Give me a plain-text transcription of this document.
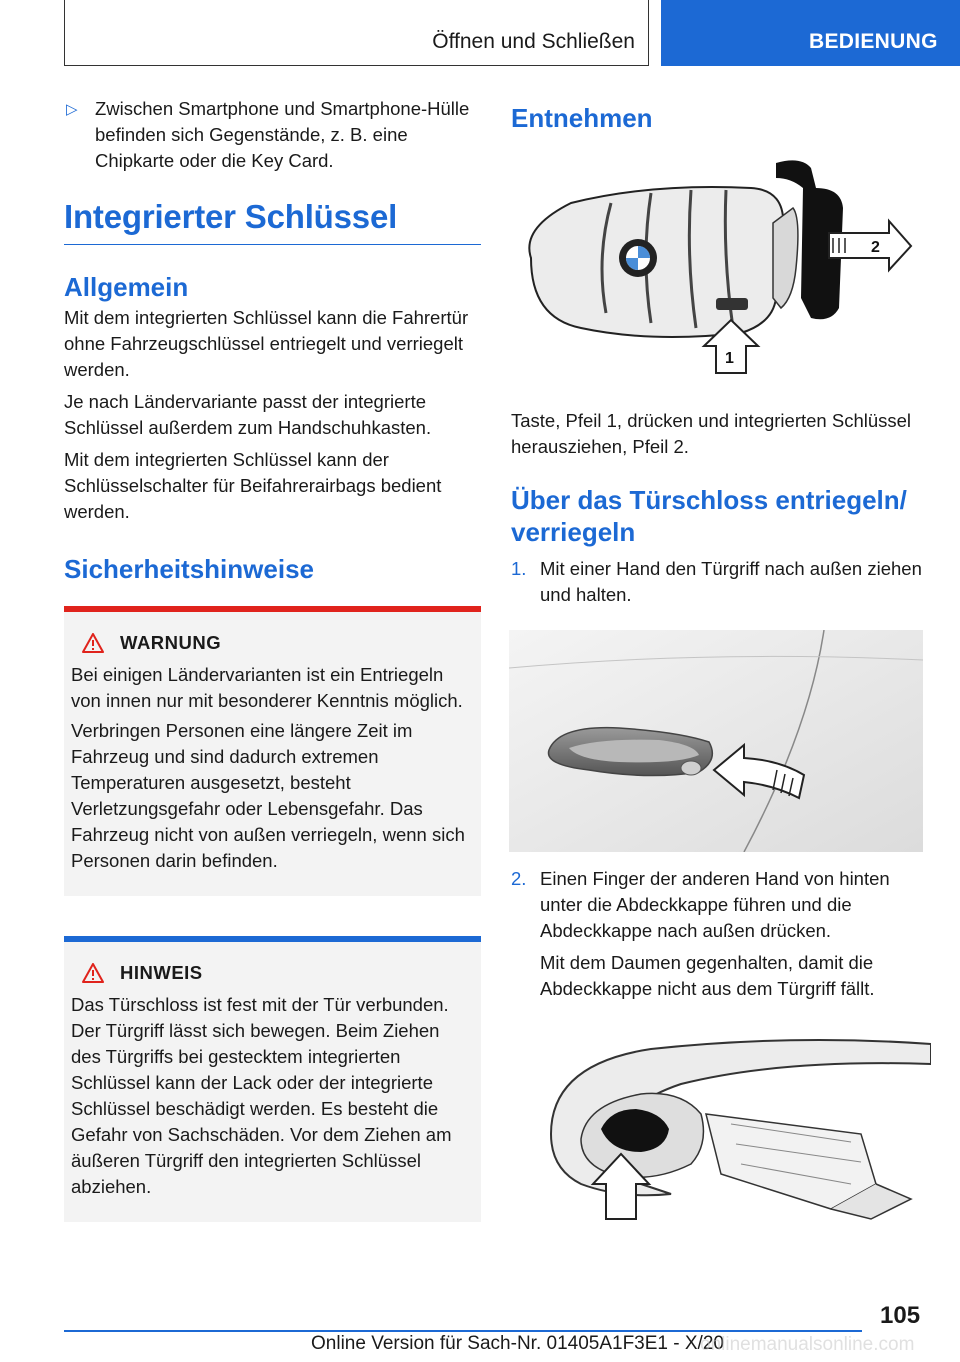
Öffnen und Schließen	BEDIENUNG
▷ Zwischen Smartphone und Smartphone-Hülle befinden sich Gegenstände, z. B. eine Chipkarte oder die Key Card.
Integrierter Schlüssel
Allgemein

Mit dem integrierten Schlüssel kann die Fahrertür ohne Fahrzeugschlüssel entriegelt und verriegelt werden.

Je nach Ländervariante passt der integrierte Schlüssel außerdem zum Handschuhkasten.

Mit dem integrierten Schlüssel kann der Schlüsselschalter für Beifahrerairbags bedient werden.

Sicherheitshinweise
WARNUNG

Bei einigen Ländervarianten ist ein Entriegeln von innen nur mit besonderer Kenntnis möglich.

Verbringen Personen eine längere Zeit im Fahrzeug und sind dadurch extremen Temperaturen ausgesetzt, besteht Verletzungsgefahr oder Lebensgefahr. Das Fahrzeug nicht von außen verriegeln, wenn sich Personen darin befinden.

HINWEIS

Das Türschloss ist fest mit der Tür verbunden. Der Türgriff lässt sich bewegen. Beim Ziehen des Türgriffs bei gestecktem integrierten Schlüssel kann der Lack oder der integrierte Schlüssel beschädigt werden. Es besteht die Gefahr von Sachschäden. Vor dem Ziehen am äußeren Türgriff den integrierten Schlüssel abziehen.

Entnehmen
2
1

Taste, Pfeil 1, drücken und integrierten Schlüssel herausziehen, Pfeil 2.

Über das Türschloss entriegeln/ verriegeln
1. Mit einer Hand den Türgriff nach außen ziehen und halten.
2. Einen Finger der anderen Hand von hinten unter die Abdeckkappe führen und die Abdeckkappe nach außen drücken.
Mit dem Daumen gegenhalten, damit die Abdeckkappe nicht aus dem Türgriff fällt.
105
Online Version für Sach-Nr. 01405A1F3E1 - X/20
onlinemanualsonline.com
